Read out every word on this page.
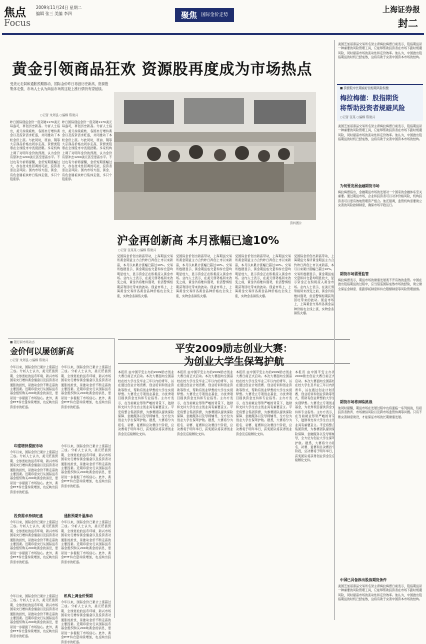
焦点
Focus
2009年11月24日 星期二
编辑 张三 美编 李四	聚焦 国际金价走势
上海证券报
封二
黄金引领商品狂欢 资源股再度成为市场热点
受美元走弱和通胀预期推动，国际金价昨日再创历史新高，资源股集体走强，市场人士认为商品市场的这轮上涨行情仍有望延续。
○记者 朱周良 ○编辑 陈建兴
昨日国际现货金价一度突破1170美元每盎司，再创历史新高。分析人士指出，美元持续疲软、各国央行增持黄金以及投资需求旺盛，共同推动了本轮金价上涨。与此同时，原油、铜等大宗商品价格也同步走高，资源类股票在全球股市中表现抢眼。多家机构上调了对明年金价的预测，认为金价有望冲击1200美元甚至更高水平。不过也有分析师提醒，金价短期涨幅过大，存在技术性回调的可能，投资者需注意风险。国内市场方面，黄金、有色金属板块昨日集体走强，多只个股涨停。
昨日国际现货金价一度突破1170美元每盎司，再创历史新高。分析人士指出，美元持续疲软、各国央行增持黄金以及投资需求旺盛，共同推动了本轮金价上涨。与此同时，原油、铜等大宗商品价格也同步走高，资源类股票在全球股市中表现抢眼。多家机构上调了对明年金价的预测，认为金价有望冲击1200美元甚至更高水平。不过也有分析师提醒，金价短期涨幅过大，存在技术性回调的可能，投资者需注意风险。国内市场方面，黄金、有色金属板块昨日集体走强，多只个股涨停。
资料图片
沪金再创新高 本月涨幅已逾10%
○记者 张某某 ○编辑 陈建兴
受国际金价创出新高带动，上海期货交易所黄金期货主力合约昨日再创上市以来新高，本月以来累计涨幅已超过10%。交易所数据显示，黄金期货成交量和持仓量均明显放大，显示资金正在积极流入黄金市场。业内人士表示，在美元弱势格局未改变之前，黄金仍将维持强势，但需警惕短期获利回吐带来的波动。现货市场上，上海黄金交易所各黄金品种价格也全线上涨，实物金条销售火爆。
受国际金价创出新高带动，上海期货交易所黄金期货主力合约昨日再创上市以来新高，本月以来累计涨幅已超过10%。交易所数据显示，黄金期货成交量和持仓量均明显放大，显示资金正在积极流入黄金市场。业内人士表示，在美元弱势格局未改变之前，黄金仍将维持强势，但需警惕短期获利回吐带来的波动。现货市场上，上海黄金交易所各黄金品种价格也全线上涨，实物金条销售火爆。
受国际金价创出新高带动，上海期货交易所黄金期货主力合约昨日再创上市以来新高，本月以来累计涨幅已超过10%。交易所数据显示，黄金期货成交量和持仓量均明显放大，显示资金正在积极流入黄金市场。业内人士表示，在美元弱势格局未改变之前，黄金仍将维持强势，但需警惕短期获利回吐带来的波动。现货市场上，上海黄金交易所各黄金品种价格也全线上涨，实物金条销售火爆。
受国际金价创出新高带动，上海期货交易所黄金期货主力合约昨日再创上市以来新高，本月以来累计涨幅已超过10%。交易所数据显示，黄金期货成交量和持仓量均明显放大，显示资金正在积极流入黄金市场。业内人士表示，在美元弱势格局未改变之前，黄金仍将维持强势，但需警惕短期获利回吐带来的波动。现货市场上，上海黄金交易所各黄金品种价格也全线上涨，实物金条销售火爆。
■ 银行间市场动态
金价何以屡创新高
○记者 朱周良 ○编辑 陈建兴
今年以来，国际金价已累计上涨超过三成。分析人士认为，美元贬值预期、全球宽松的货币环境、新兴市场国家央行增持黄金储备以及投资者对通胀的担忧，是推动金价不断走高的主要因素。近期印度央行从国际货币基金组织购买200吨黄金的消息，更是进一步提振了市场信心。此外，黄金ETF持仓量持续增加，也反映出投资需求的旺盛。
今年以来，国际金价已累计上涨超过三成。分析人士认为，美元贬值预期、全球宽松的货币环境、新兴市场国家央行增持黄金储备以及投资者对通胀的担忧，是推动金价不断走高的主要因素。近期印度央行从国际货币基金组织购买200吨黄金的消息，更是进一步提振了市场信心。此外，黄金ETF持仓量持续增加，也反映出投资需求的旺盛。
印度增持提振市场
今年以来，国际金价已累计上涨超过三成。分析人士认为，美元贬值预期、全球宽松的货币环境、新兴市场国家央行增持黄金储备以及投资者对通胀的担忧，是推动金价不断走高的主要因素。近期印度央行从国际货币基金组织购买200吨黄金的消息，更是进一步提振了市场信心。此外，黄金ETF持仓量持续增加，也反映出投资需求的旺盛。
今年以来，国际金价已累计上涨超过三成。分析人士认为，美元贬值预期、全球宽松的货币环境、新兴市场国家央行增持黄金储备以及投资者对通胀的担忧，是推动金价不断走高的主要因素。近期印度央行从国际货币基金组织购买200吨黄金的消息，更是进一步提振了市场信心。此外，黄金ETF持仓量持续增加，也反映出投资需求的旺盛。
投资需求持续旺盛
今年以来，国际金价已累计上涨超过三成。分析人士认为，美元贬值预期、全球宽松的货币环境、新兴市场国家央行增持黄金储备以及投资者对通胀的担忧，是推动金价不断走高的主要因素。近期印度央行从国际货币基金组织购买200吨黄金的消息，更是进一步提振了市场信心。此外，黄金ETF持仓量持续增加，也反映出投资需求的旺盛。
通胀预期升温推动
今年以来，国际金价已累计上涨超过三成。分析人士认为，美元贬值预期、全球宽松的货币环境、新兴市场国家央行增持黄金储备以及投资者对通胀的担忧，是推动金价不断走高的主要因素。近期印度央行从国际货币基金组织购买200吨黄金的消息，更是进一步提振了市场信心。此外，黄金ETF持仓量持续增加，也反映出投资需求的旺盛。
机构上调金价预期
今年以来，国际金价已累计上涨超过三成。分析人士认为，美元贬值预期、全球宽松的货币环境、新兴市场国家央行增持黄金储备以及投资者对通胀的担忧，是推动金价不断走高的主要因素。近期印度央行从国际货币基金组织购买200吨黄金的消息，更是进一步提振了市场信心。此外，黄金ETF持仓量持续增加，也反映出投资需求的旺盛。
今年以来，国际金价已累计上涨超过三成。分析人士认为，美元贬值预期、全球宽松的货币环境、新兴市场国家央行增持黄金储备以及投资者对通胀的担忧，是推动金价不断走高的主要因素。近期印度央行从国际货币基金组织购买200吨黄金的消息，更是进一步提振了市场信心。此外，黄金ETF持仓量持续增加，也反映出投资需求的旺盛。
平安2009励志创业大赛：
为创业大学生保驾护航
本报讯 由中国平安主办的2009励志创业大赛日前正式启动。本次大赛面向全国高校在校大学生及毕业三年以内的青年，旨在通过创业计划竞赛、创业培训和创业资助等形式，帮助有创业梦想的大学生实现梦想。大赛设立专项创业基金，为优秀项目提供资金支持和专业指导。主办方表示，在当前就业形势严峻的背景下，鼓励和支持大学生自主创业具有重要意义。平安将整合集团资源，为参赛团队提供保险保障、金融服务以及导师辅导，全方位为创业大学生保驾护航。据悉，大赛将分为报名、初赛、复赛和总决赛四个阶段，总决赛将于明年举行，获奖团队将获得创业资金及后续孵化支持。
本报讯 由中国平安主办的2009励志创业大赛日前正式启动。本次大赛面向全国高校在校大学生及毕业三年以内的青年，旨在通过创业计划竞赛、创业培训和创业资助等形式，帮助有创业梦想的大学生实现梦想。大赛设立专项创业基金，为优秀项目提供资金支持和专业指导。主办方表示，在当前就业形势严峻的背景下，鼓励和支持大学生自主创业具有重要意义。平安将整合集团资源，为参赛团队提供保险保障、金融服务以及导师辅导，全方位为创业大学生保驾护航。据悉，大赛将分为报名、初赛、复赛和总决赛四个阶段，总决赛将于明年举行，获奖团队将获得创业资金及后续孵化支持。
本报讯 由中国平安主办的2009励志创业大赛日前正式启动。本次大赛面向全国高校在校大学生及毕业三年以内的青年，旨在通过创业计划竞赛、创业培训和创业资助等形式，帮助有创业梦想的大学生实现梦想。大赛设立专项创业基金，为优秀项目提供资金支持和专业指导。主办方表示，在当前就业形势严峻的背景下，鼓励和支持大学生自主创业具有重要意义。平安将整合集团资源，为参赛团队提供保险保障、金融服务以及导师辅导，全方位为创业大学生保驾护航。据悉，大赛将分为报名、初赛、复赛和总决赛四个阶段，总决赛将于明年举行，获奖团队将获得创业资金及后续孵化支持。
本报讯 由中国平安主办的2009励志创业大赛日前正式启动。本次大赛面向全国高校在校大学生及毕业三年以内的青年，旨在通过创业计划竞赛、创业培训和创业资助等形式，帮助有创业梦想的大学生实现梦想。大赛设立专项创业基金，为优秀项目提供资金支持和专业指导。主办方表示，在当前就业形势严峻的背景下，鼓励和支持大学生自主创业具有重要意义。平安将整合集团资源，为参赛团队提供保险保障、金融服务以及导师辅导，全方位为创业大学生保驾护航。据悉，大赛将分为报名、初赛、复赛和总决赛四个阶段，总决赛将于明年举行，获奖团队将获得创业资金及后续孵化支持。
美国芝加哥商品交易所名誉主席梅拉梅德日前表示，股指期货是一种重要的风险管理工具，它能够帮助投资者在市场下跌时规避风险，同时提高市场的流动性和定价效率。他认为，中国推出股指期货的时机已经成熟，这将有助于完善中国资本市场的结构。
■ 资源股中长期看好但短期风险积聚
梅拉梅德：股指期货
将帮助投资者规避风险
○记者 张某 ○编辑 陈建兴
美国芝加哥商品交易所名誉主席梅拉梅德日前表示，股指期货是一种重要的风险管理工具，它能够帮助投资者在市场下跌时规避风险，同时提高市场的流动性和定价效率。他认为，中国推出股指期货的时机已经成熟，这将有助于完善中国资本市场的结构。
为何要发展金融期货市场
梅拉梅德指出，金融期货市场的发展对一个国家的金融体系至关重要。通过期货市场，企业和投资者可以对冲价格风险，机构投资者可以更有效地管理资产组合。他还强调，监管机构需要建立完善的风险控制制度，确保市场平稳运行。
期货市场需要监管
梅拉梅德表示，期货市场的健康发展离不开有效的监管。中国在推出股指期货的过程中，应当借鉴国际成熟市场的经验，建立健全保证金制度、涨跌停板制度和持仓限额制度等风险管理措施。
期货市场将面临挑战
他同时提醒，期货市场在发展过程中也将面临一系列挑战，包括投资者教育、市场操纵风险以及跨市场监管协调等问题。只有不断完善制度建设，才能保证市场的长期健康发展。
中国已具备推出股指期货条件
美国芝加哥商品交易所名誉主席梅拉梅德日前表示，股指期货是一种重要的风险管理工具，它能够帮助投资者在市场下跌时规避风险，同时提高市场的流动性和定价效率。他认为，中国推出股指期货的时机已经成熟，这将有助于完善中国资本市场的结构。
